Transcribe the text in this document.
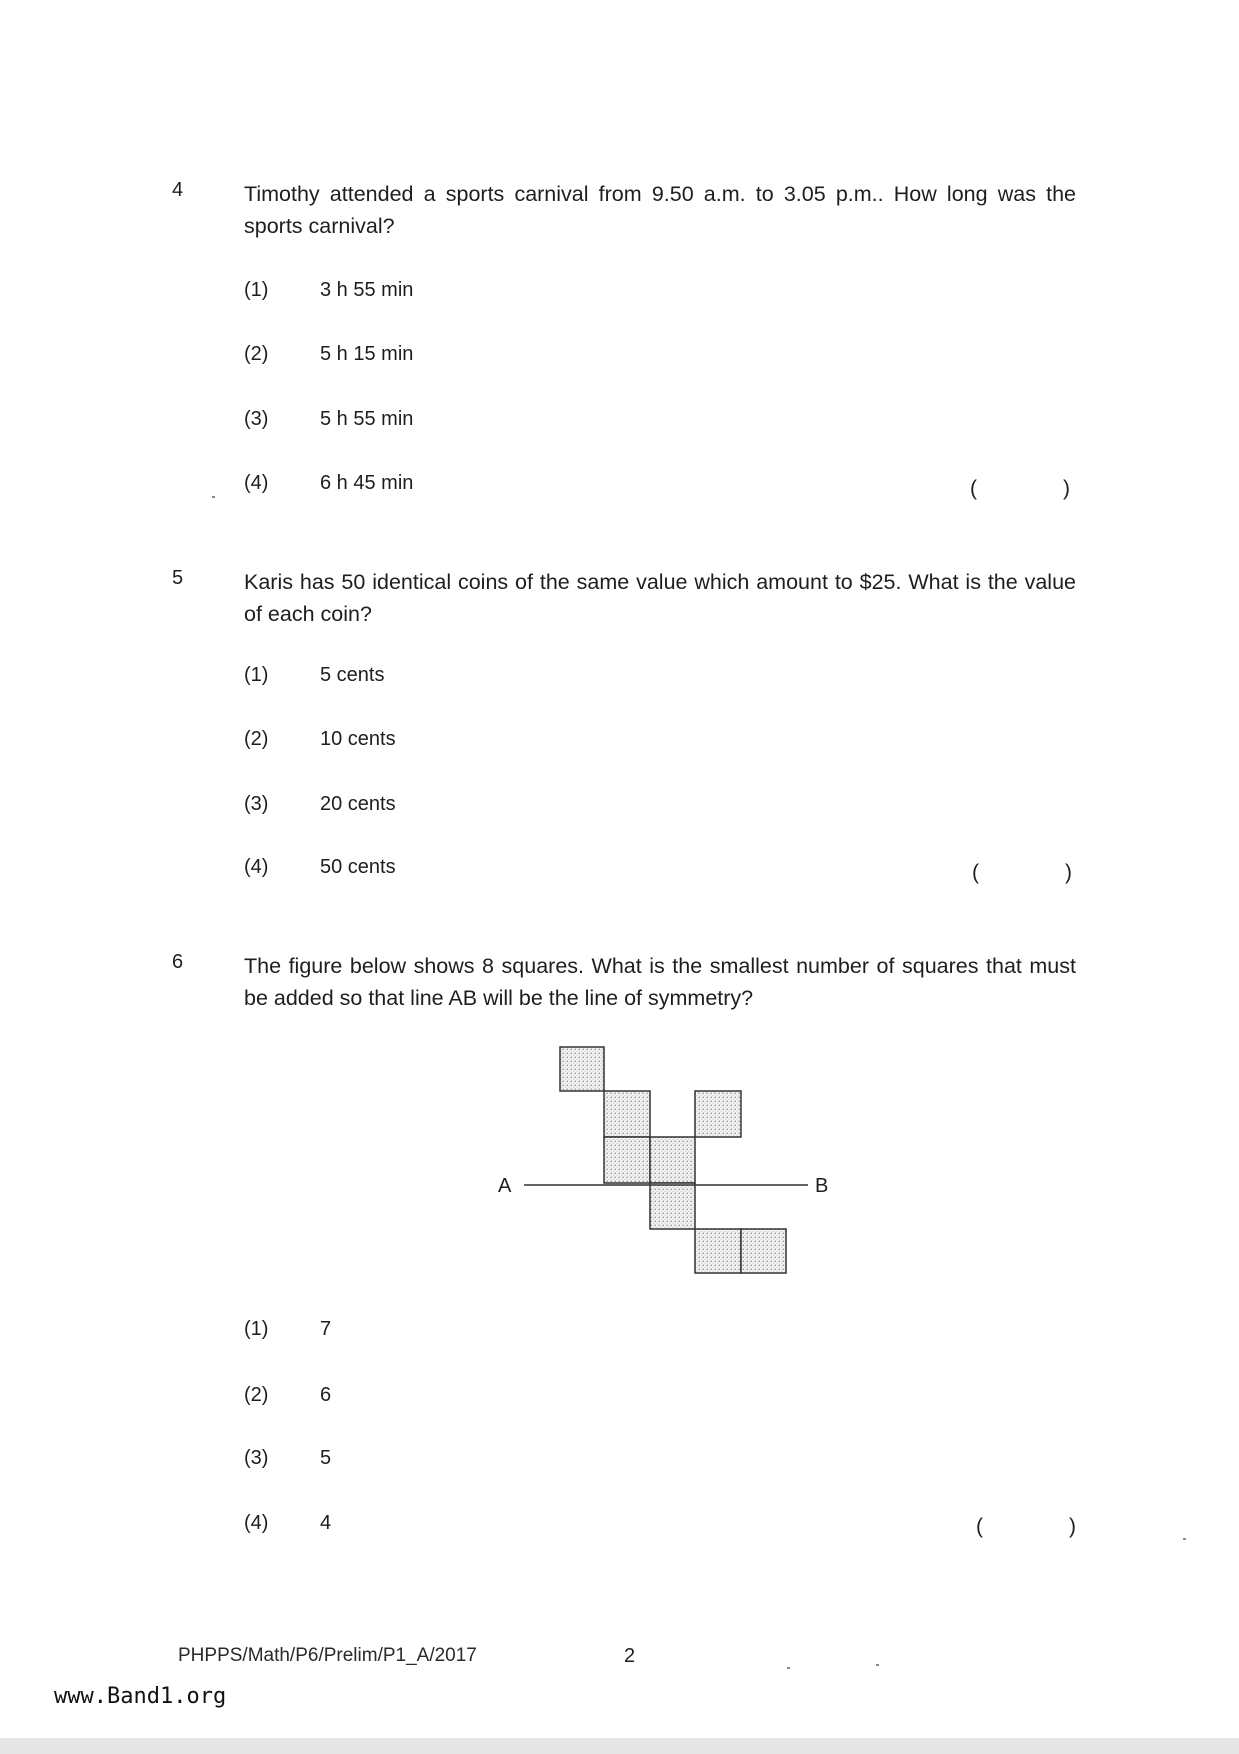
4	Timothy attended a sports carnival from 9.50 a.m. to 3.05 p.m.. How long was the sports carnival?
(1)	3 h 55 min
(2)	5 h 15 min
(3)	5 h 55 min
(4)	6 h 45 min	(	)
5	Karis has 50 identical coins of the same value which amount to $25. What is the value of each coin?
(1)	5 cents
(2)	10 cents
(3)	20 cents
(4)	50 cents	(	)
6	The figure below shows 8 squares. What is the smallest number of squares that must be added so that line AB will be the line of symmetry?
A	B
(1)	7
(2)	6
(3)	5
(4)	4	(	)
PHPPS/Math/P6/Prelim/P1_A/2017	2
www.Band1.org
